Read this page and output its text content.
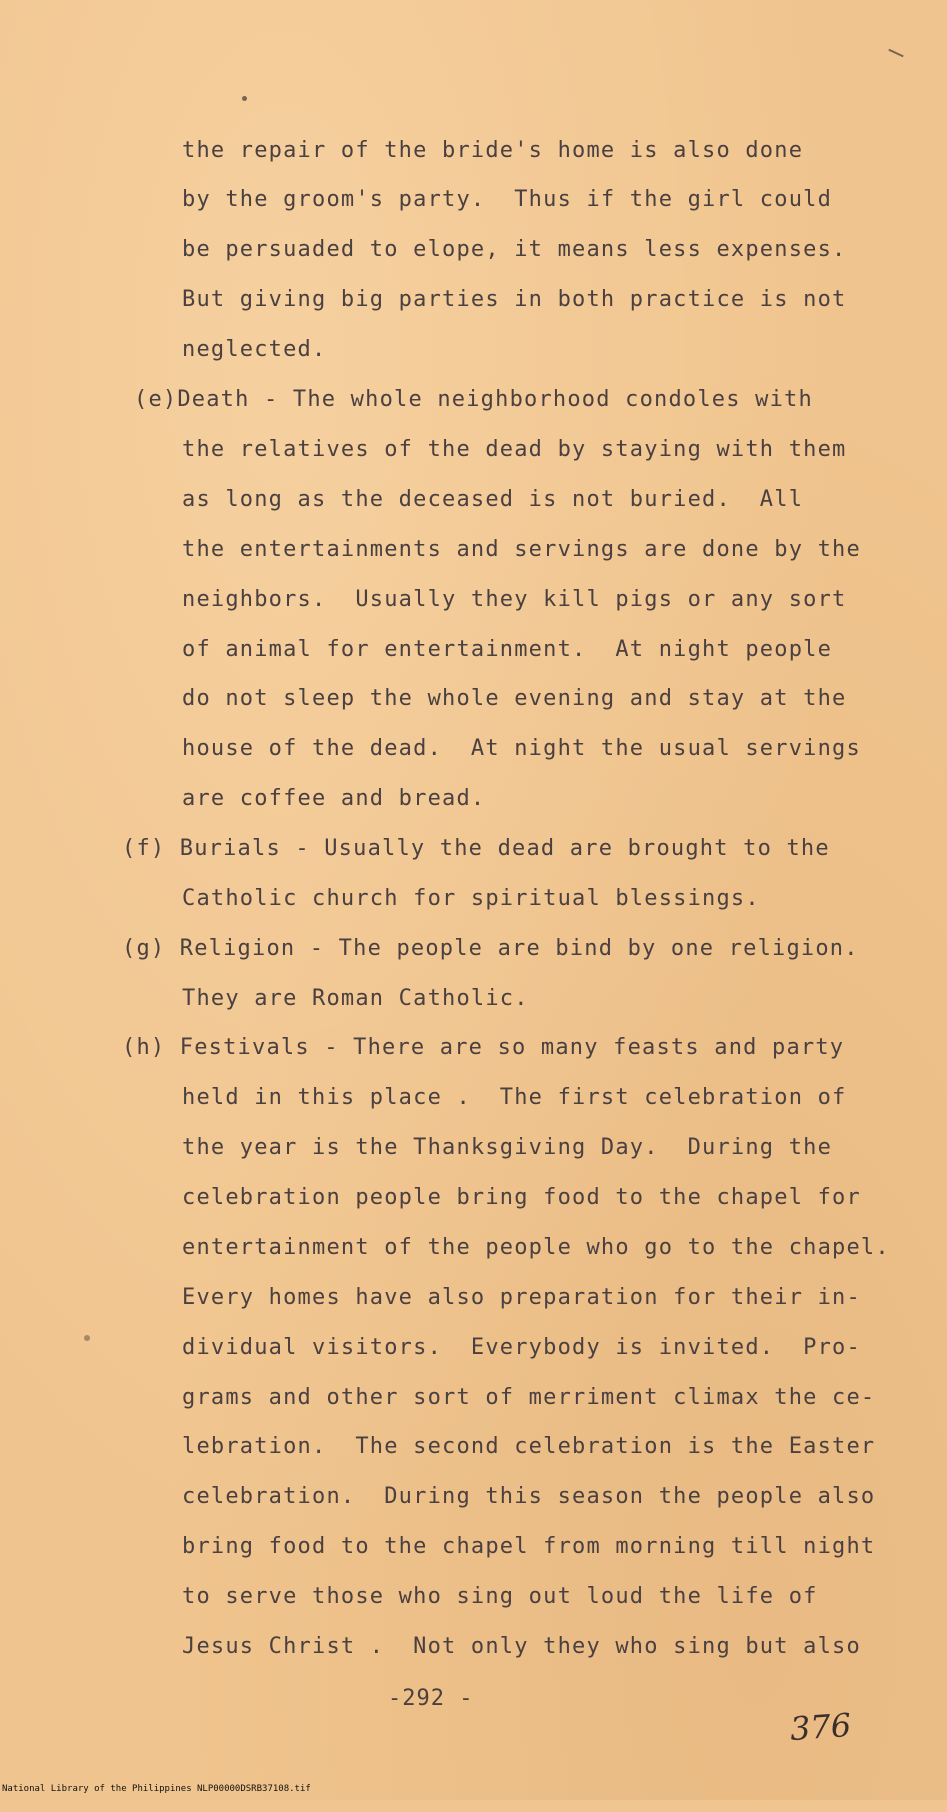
the repair of the bride's home is also done
by the groom's party.  Thus if the girl could
be persuaded to elope, it means less expenses.
But giving big parties in both practice is not
neglected.
(e)Death - The whole neighborhood condoles with
the relatives of the dead by staying with them
as long as the deceased is not buried.  All
the entertainments and servings are done by the
neighbors.  Usually they kill pigs or any sort
of animal for entertainment.  At night people
do not sleep the whole evening and stay at the
house of the dead.  At night the usual servings
are coffee and bread.
(f) Burials - Usually the dead are brought to the
Catholic church for spiritual blessings.
(g) Religion - The people are bind by one religion.
They are Roman Catholic.
(h) Festivals - There are so many feasts and party
held in this place .  The first celebration of
the year is the Thanksgiving Day.  During the
celebration people bring food to the chapel for
entertainment of the people who go to the chapel.
Every homes have also preparation for their in-
dividual visitors.  Everybody is invited.  Pro-
grams and other sort of merriment climax the ce-
lebration.  The second celebration is the Easter
celebration.  During this season the people also
bring food to the chapel from morning till night
to serve those who sing out loud the life of
Jesus Christ .  Not only they who sing but also
-292 -
376

National Library of the Philippines

NLP00000DSRB37108.tif
